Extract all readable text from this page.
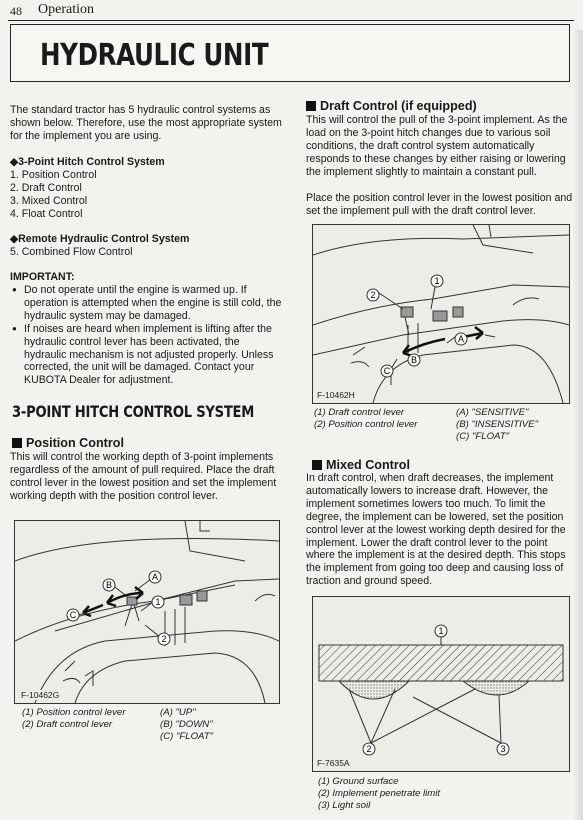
48 Operation
HYDRAULIC UNIT
The standard tractor has 5 hydraulic control systems as shown below. Therefore, use the most appropriate system for the implement you are using.
◆3-Point Hitch Control System
1. Position Control
2. Draft Control
3. Mixed Control
4. Float Control
◆Remote Hydraulic Control System
5. Combined Flow Control
IMPORTANT:
● Do not operate until the engine is warmed up. If operation is attempted when the engine is still cold, the hydraulic system may be damaged.
● If noises are heard when implement is lifting after the hydraulic control lever has been activated, the hydraulic mechanism is not adjusted properly. Unless corrected, the unit will be damaged. Contact your KUBOTA Dealer for adjustment.
3-POINT HITCH CONTROL SYSTEM
Position Control
This will control the working depth of 3-point implements regardless of the amount of pull required. Place the draft control lever in the lowest position and set the implement working depth with the position control lever.
B
A
1
2
C
F-10462G
(1) Position control lever
(2) Draft control lever
(A) "UP"
(B) "DOWN"
(C) "FLOAT"
Draft Control (if equipped)
This will control the pull of the 3-point implement. As the load on the 3-point hitch changes due to various soil conditions, the draft control system automatically responds to these changes by either raising or lowering the implement slightly to maintain a constant pull.
Place the position control lever in the lowest position and set the implement pull with the draft control lever.
2
1
B
A
C
F-10462H
(1) Draft control lever
(2) Position control lever
(A) "SENSITIVE"
(B) "INSENSITIVE"
(C) "FLOAT"
Mixed Control
In draft control, when draft decreases, the implement automatically lowers to increase draft. However, the implement sometimes lowers too much. To limit the degree, the implement can be lowered, set the position control lever at the lowest working depth desired for the implement. Lower the draft control lever to the point where the implement is at the desired depth. This stops the implement from going too deep and causing loss of traction and ground speed.
1
2	3
F-7635A
(1) Ground surface
(2) Implement penetrate limit
(3) Light soil
